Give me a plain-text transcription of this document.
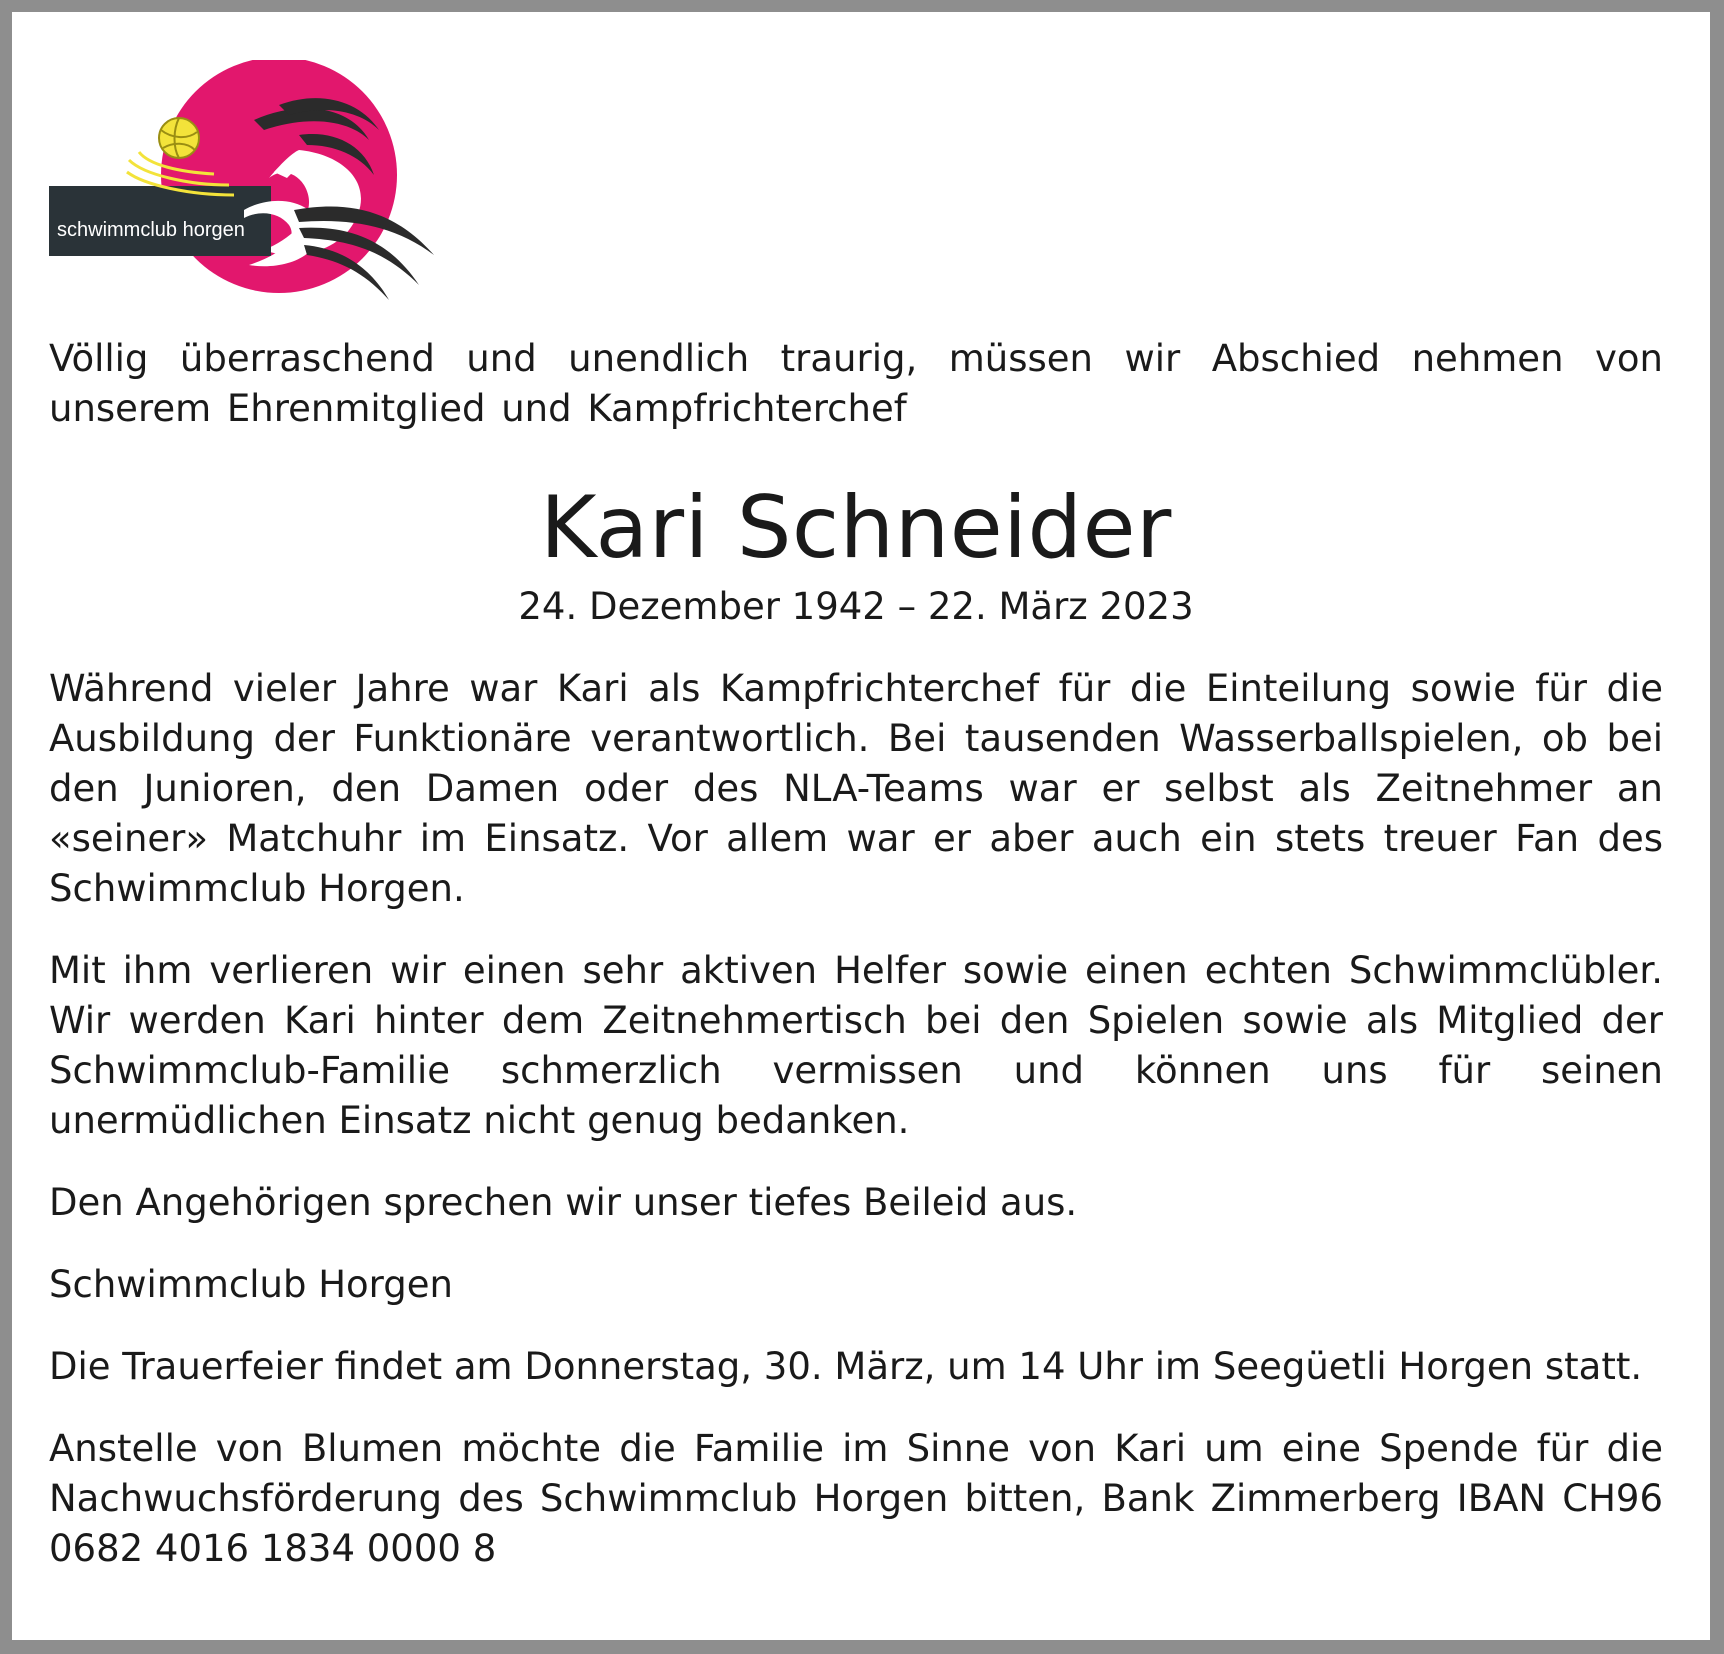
schwimmclub horgen

Völlig überraschend und unendlich traurig, müssen wir Abschied nehmen von unserem Ehrenmitglied und Kampfrichterchef

Kari Schneider

24. Dezember 1942 – 22. März 2023

Während vieler Jahre war Kari als Kampfrichterchef für die Einteilung sowie für die Ausbildung der Funktionäre verantwortlich. Bei tausenden Wasserballspielen, ob bei den Junioren, den Damen oder des NLA-Teams war er selbst als Zeitnehmer an «seiner» Matchuhr im Einsatz. Vor allem war er aber auch ein stets treuer Fan des Schwimmclub Horgen.

Mit ihm verlieren wir einen sehr aktiven Helfer sowie einen echten Schwimmclübler. Wir werden Kari hinter dem Zeitnehmertisch bei den Spielen sowie als Mitglied der Schwimmclub-Familie schmerzlich vermissen und können uns für seinen unermüdlichen Einsatz nicht genug bedanken.

Den Angehörigen sprechen wir unser tiefes Beileid aus.

Schwimmclub Horgen

Die Trauerfeier findet am Donnerstag, 30. März, um 14 Uhr im Seegüetli Horgen statt.

Anstelle von Blumen möchte die Familie im Sinne von Kari um eine Spende für die Nachwuchsförderung des Schwimmclub Horgen bitten, Bank Zimmerberg IBAN CH96 0682 4016 1834 0000 8
